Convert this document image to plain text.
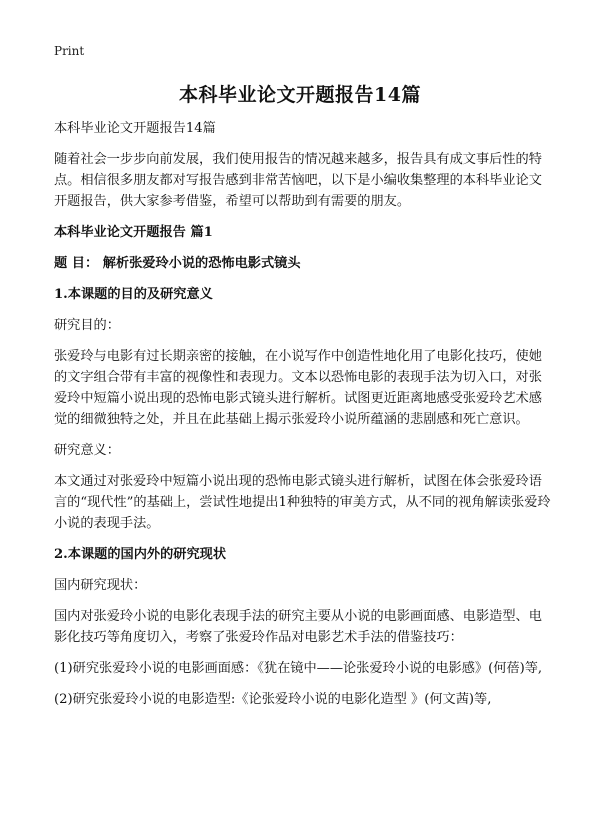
Print
本科毕业论文开题报告14篇

本科毕业论文开题报告14篇

随着社会一步步向前发展，我们使用报告的情况越来越多，报告具有成文事后性的特点。相信很多朋友都对写报告感到非常苦恼吧，以下是小编收集整理的本科毕业论文开题报告，供大家参考借鉴，希望可以帮助到有需要的朋友。

本科毕业论文开题报告 篇1

题 目： 解析张爱玲小说的恐怖电影式镜头

1.本课题的目的及研究意义

研究目的：

张爱玲与电影有过长期亲密的接触，在小说写作中创造性地化用了电影化技巧，使她的文字组合带有丰富的视像性和表现力。文本以恐怖电影的表现手法为切入口，对张爱玲中短篇小说出现的恐怖电影式镜头进行解析。试图更近距离地感受张爱玲艺术感觉的细微独特之处，并且在此基础上揭示张爱玲小说所蕴涵的悲剧感和死亡意识。

研究意义：

本文通过对张爱玲中短篇小说出现的恐怖电影式镜头进行解析，试图在体会张爱玲语言的“现代性”的基础上，尝试性地提出1种独特的审美方式，从不同的视角解读张爱玲小说的表现手法。

2.本课题的国内外的研究现状

国内研究现状：

国内对张爱玲小说的电影化表现手法的研究主要从小说的电影画面感、电影造型、电影化技巧等角度切入，考察了张爱玲作品对电影艺术手法的借鉴技巧：

(1)研究张爱玲小说的电影画面感：《犹在镜中——论张爱玲小说的电影感》(何蓓)等,

(2)研究张爱玲小说的电影造型:《论张爱玲小说的电影化造型 》(何文茜)等,
